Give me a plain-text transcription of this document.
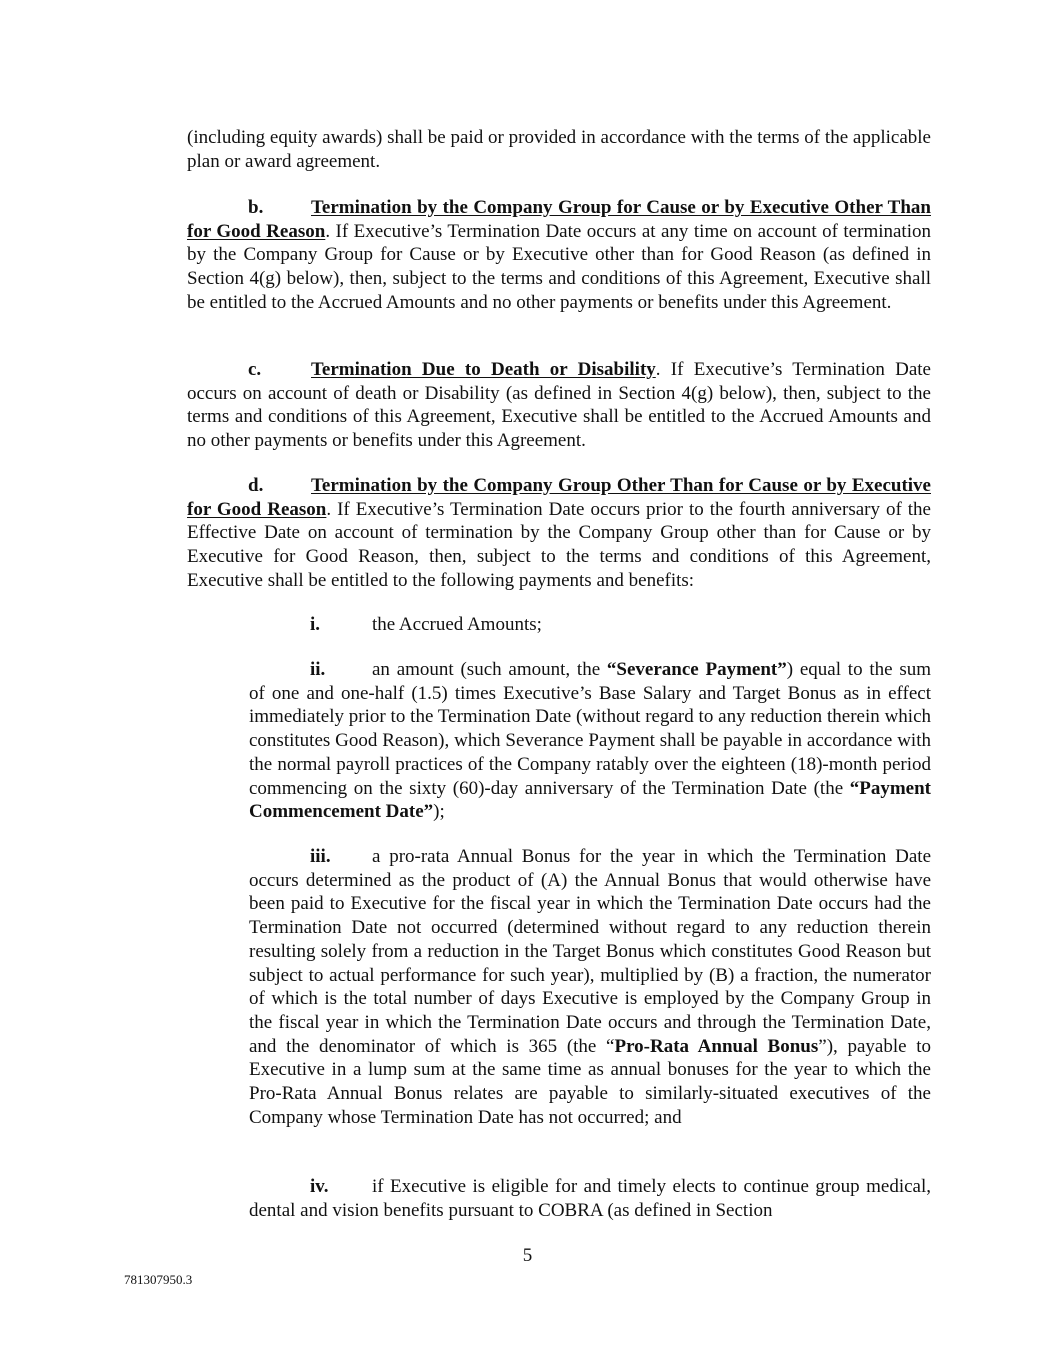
(including equity awards) shall be paid or provided in accordance with the terms of the applicable plan or award agreement.

b.	Termination by the Company Group for Cause or by Executive Other Than for Good Reason. If Executive’s Termination Date occurs at any time on account of termination by the Company Group for Cause or by Executive other than for Good Reason (as defined in Section 4(g) below), then, subject to the terms and conditions of this Agreement, Executive shall be entitled to the Accrued Amounts and no other payments or benefits under this Agreement.

c.	Termination Due to Death or Disability. If Executive’s Termination Date occurs on account of death or Disability (as defined in Section 4(g) below), then, subject to the terms and conditions of this Agreement, Executive shall be entitled to the Accrued Amounts and no other payments or benefits under this Agreement.

d.	Termination by the Company Group Other Than for Cause or by Executive for Good Reason. If Executive’s Termination Date occurs prior to the fourth anniversary of the Effective Date on account of termination by the Company Group other than for Cause or by Executive for Good Reason, then, subject to the terms and conditions of this Agreement, Executive shall be entitled to the following payments and benefits:

i.	the Accrued Amounts;

ii. an amount (such amount, the “Severance Payment”) equal to the sum of one and one-half (1.5) times Executive’s Base Salary and Target Bonus as in effect immediately prior to the Termination Date (without regard to any reduction therein which constitutes Good Reason), which Severance Payment shall be payable in accordance with the normal payroll practices of the Company ratably over the eighteen (18)-month period commencing on the sixty (60)-day anniversary of the Termination Date (the “Payment Commencement Date”);

iii. a pro-rata Annual Bonus for the year in which the Termination Date occurs determined as the product of (A) the Annual Bonus that would otherwise have been paid to Executive for the fiscal year in which the Termination Date occurs had the Termination Date not occurred (determined without regard to any reduction therein resulting solely from a reduction in the Target Bonus which constitutes Good Reason but subject to actual performance for such year), multiplied by (B) a fraction, the numerator of which is the total number of days Executive is employed by the Company Group in the fiscal year in which the Termination Date occurs and through the Termination Date, and the denominator of which is 365 (the “Pro-Rata Annual Bonus”), payable to Executive in a lump sum at the same time as annual bonuses for the year to which the Pro-Rata Annual Bonus relates are payable to similarly-situated executives of the Company whose Termination Date has not occurred; and

iv. if Executive is eligible for and timely elects to continue group medical, dental and vision benefits pursuant to COBRA (as defined in Section

5
781307950.3
